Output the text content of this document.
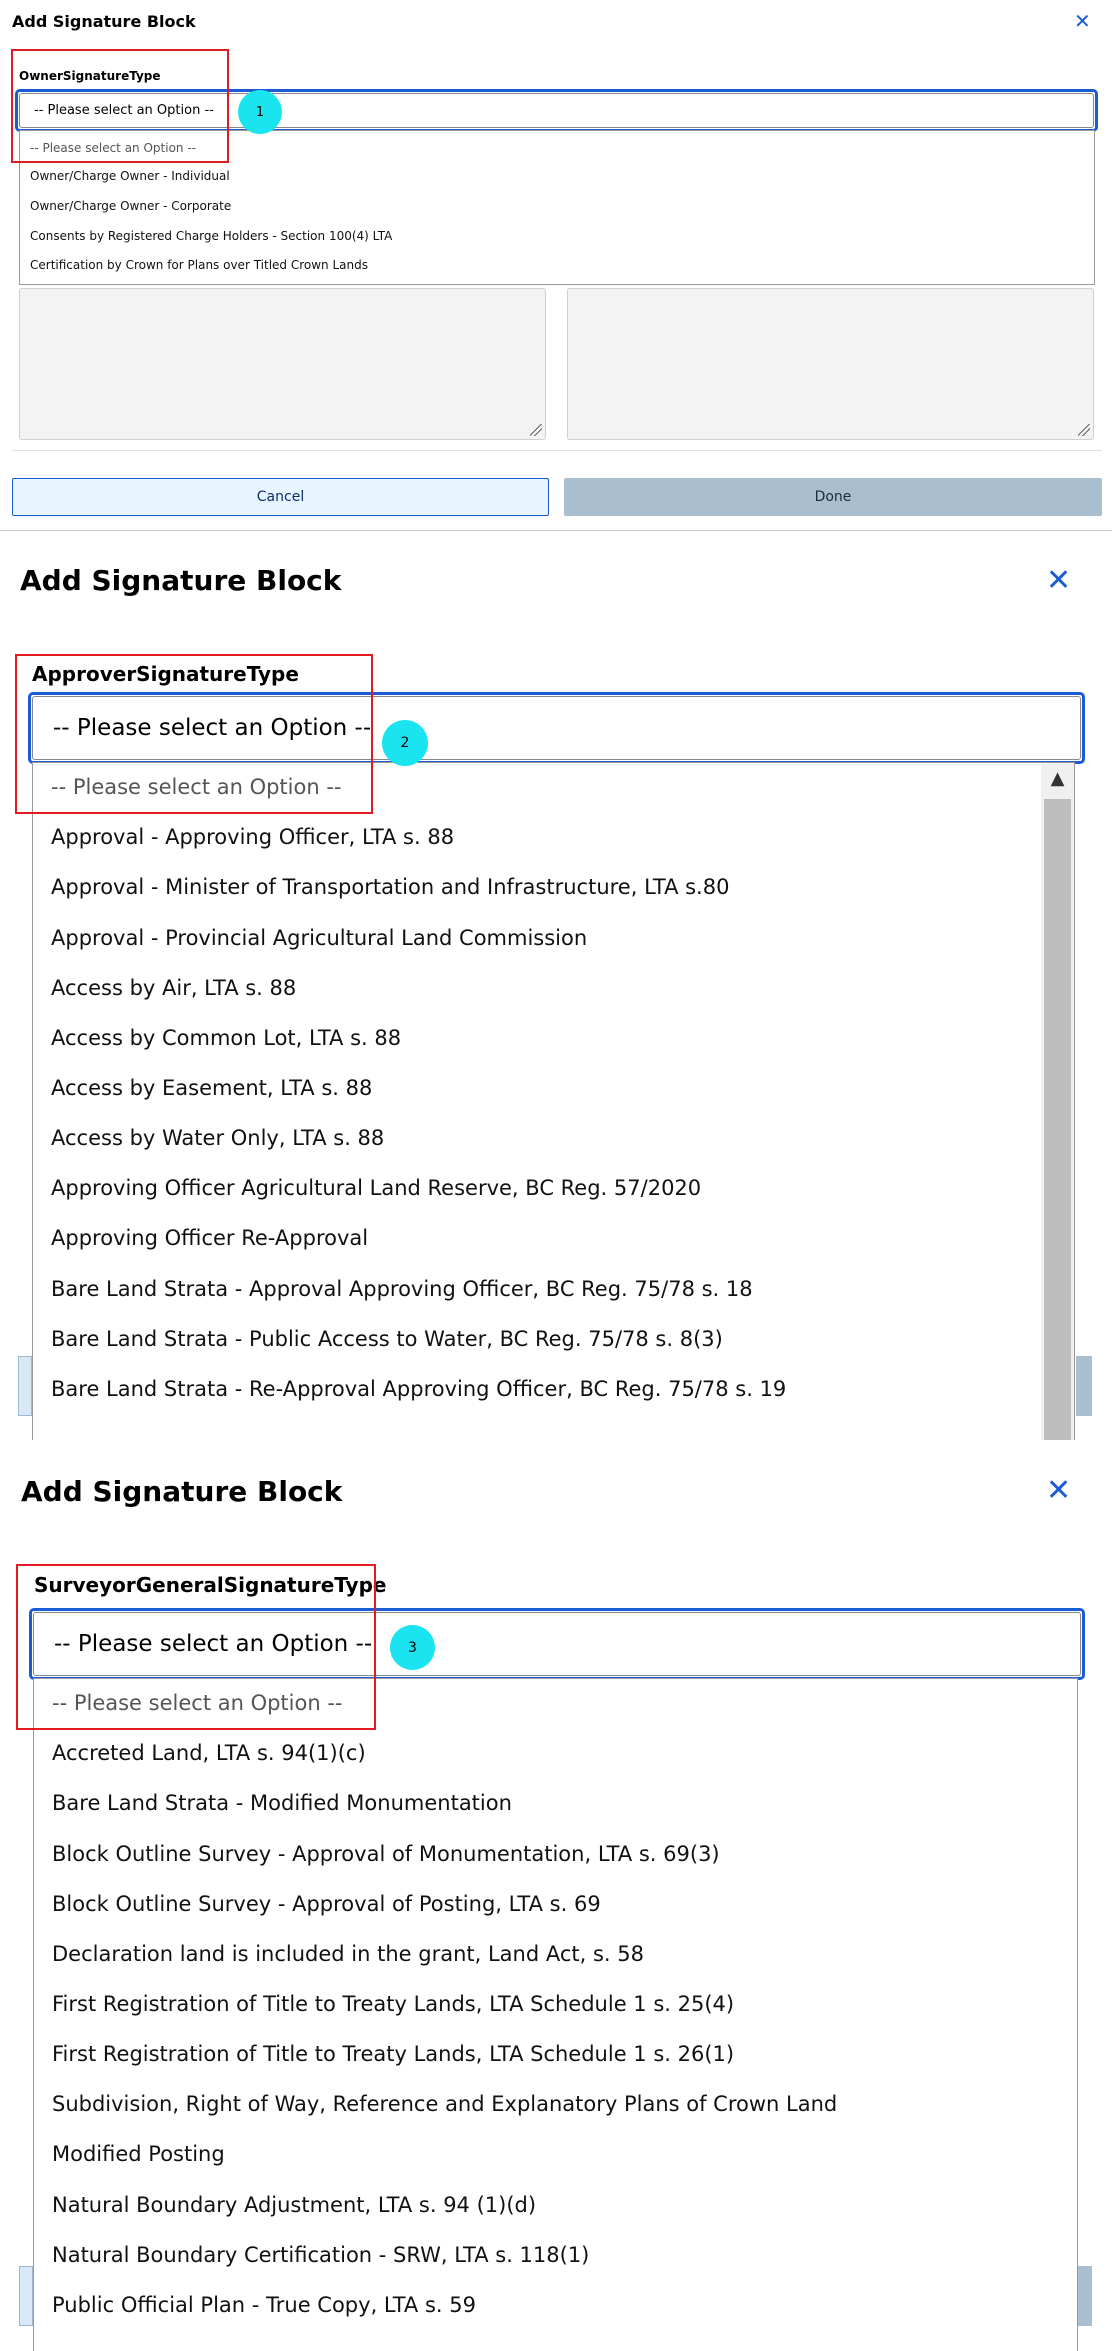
Add Signature Block	✕
OwnerSignatureType
-- Please select an Option --
-- Please select an Option --
Owner/Charge Owner - Individual
Owner/Charge Owner - Corporate
Consents by Registered Charge Holders - Section 100(4) LTA
Certification by Crown for Plans over Titled Crown Lands
1
Cancel	Done
Add Signature Block	✕
ApproverSignatureType
-- Please select an Option --
-- Please select an Option --
Approval - Approving Officer, LTA s. 88
Approval - Minister of Transportation and Infrastructure, LTA s.80
Approval - Provincial Agricultural Land Commission
Access by Air, LTA s. 88
Access by Common Lot, LTA s. 88
Access by Easement, LTA s. 88
Access by Water Only, LTA s. 88
Approving Officer Agricultural Land Reserve, BC Reg. 57/2020
Approving Officer Re-Approval
Bare Land Strata - Approval Approving Officer, BC Reg. 75/78 s. 18
Bare Land Strata - Public Access to Water, BC Reg. 75/78 s. 8(3)
Bare Land Strata - Re-Approval Approving Officer, BC Reg. 75/78 s. 19
▲
2
Add Signature Block	✕
SurveyorGeneralSignatureType
-- Please select an Option --
-- Please select an Option --
Accreted Land, LTA s. 94(1)(c)
Bare Land Strata - Modified Monumentation
Block Outline Survey - Approval of Monumentation, LTA s. 69(3)
Block Outline Survey - Approval of Posting, LTA s. 69
Declaration land is included in the grant, Land Act, s. 58
First Registration of Title to Treaty Lands, LTA Schedule 1 s. 25(4)
First Registration of Title to Treaty Lands, LTA Schedule 1 s. 26(1)
Subdivision, Right of Way, Reference and Explanatory Plans of Crown Land
Modified Posting
Natural Boundary Adjustment, LTA s. 94 (1)(d)
Natural Boundary Certification - SRW, LTA s. 118(1)
Public Official Plan - True Copy, LTA s. 59
3
